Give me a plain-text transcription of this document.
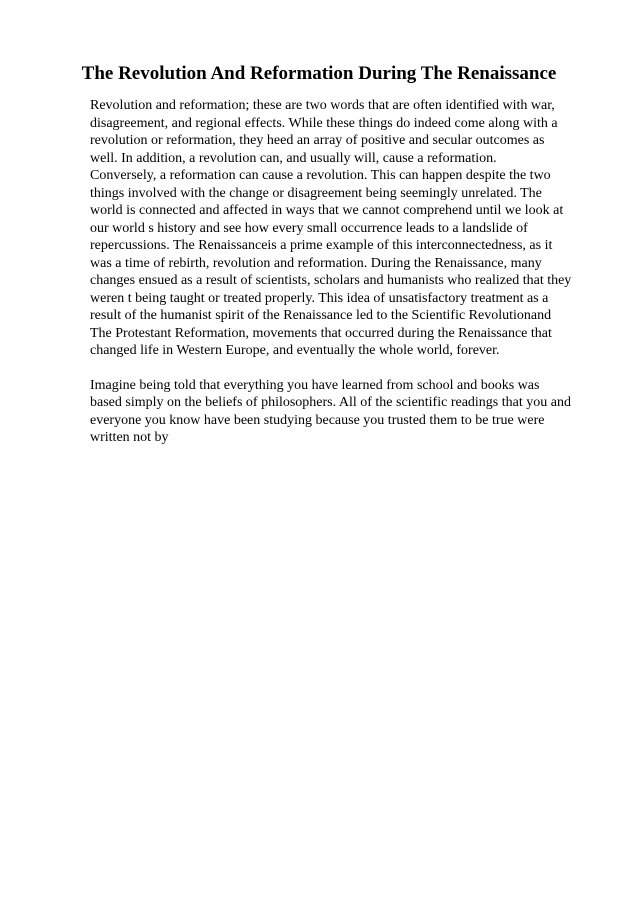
The Revolution And Reformation During The Renaissance

Revolution and reformation; these are two words that are often identified with war,
disagreement, and regional effects. While these things do indeed come along with a
revolution or reformation, they heed an array of positive and secular outcomes as
well. In addition, a revolution can, and usually will, cause a reformation.
Conversely, a reformation can cause a revolution. This can happen despite the two
things involved with the change or disagreement being seemingly unrelated. The
world is connected and affected in ways that we cannot comprehend until we look at
our world s history and see how every small occurrence leads to a landslide of
repercussions. The Renaissanceis a prime example of this interconnectedness, as it
was a time of rebirth, revolution and reformation. During the Renaissance, many
changes ensued as a result of scientists, scholars and humanists who realized that they
weren t being taught or treated properly. This idea of unsatisfactory treatment as a
result of the humanist spirit of the Renaissance led to the Scientific Revolutionand
The Protestant Reformation, movements that occurred during the Renaissance that
changed life in Western Europe, and eventually the whole world, forever.

Imagine being told that everything you have learned from school and books was
based simply on the beliefs of philosophers. All of the scientific readings that you and
everyone you know have been studying because you trusted them to be true were
written not by
